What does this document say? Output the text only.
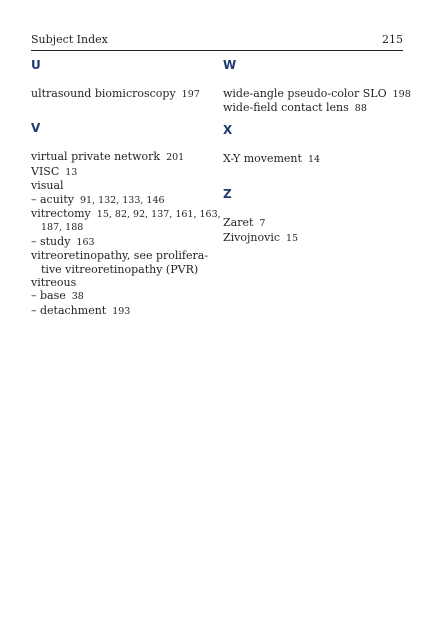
Subject Index	215
U
ultrasound biomicroscopy 197
V
virtual private network 201
VISC 13
visual
– acuity 91, 132, 133, 146
vitrectomy 15, 82, 92, 137, 161, 163,
187, 188
– study 163
vitreoretinopathy, see prolifera-
tive vitreoretinopathy (PVR)
vitreous
– base 38
– detachment 193
W
wide-angle pseudo-color SLO 198
wide-field contact lens 88
X
X-Y movement 14
Z
Zaret 7
Zivojnovic 15
